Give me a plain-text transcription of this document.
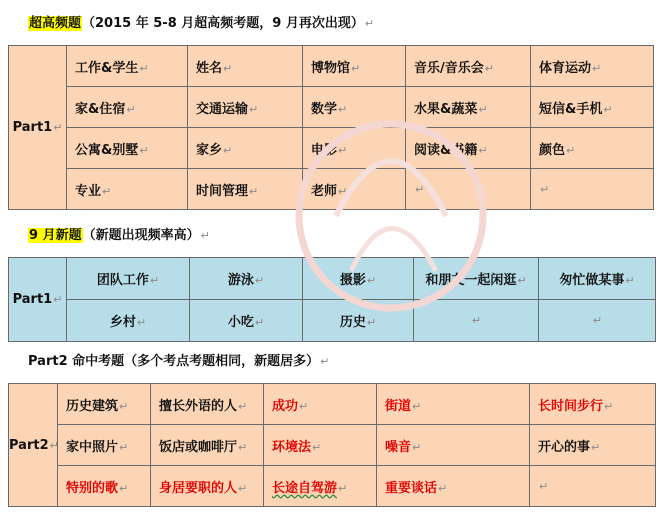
超高频题（2015 年 5-8 月超高频考题，9 月再次出现）↵
Part1↵	工作&学生↵	姓名↵	博物馆↵	音乐/音乐会↵	体育运动↵
	家&住宿↵	交通运输↵	数学↵	水果&蔬菜↵	短信&手机↵
	公寓&别墅↵	家乡↵	电影↵	阅读&书籍↵	颜色↵
	专业↵	时间管理↵	老师↵	↵	↵
9 月新题（新题出现频率高）↵
Part1↵	团队工作↵	游泳↵	摄影↵	和朋友一起闲逛↵	匆忙做某事↵
	乡村↵	小吃↵	历史↵	↵	↵
Part2 命中考题（多个考点考题相同，新题居多）↵
Part2↵	历史建筑↵	擅长外语的人↵	成功↵	街道↵	长时间步行↵
	家中照片↵	饭店或咖啡厅↵	环境法↵	噪音↵	开心的事↵
	特别的歌↵	身居要职的人↵	长途自驾游↵	重要谈话↵	↵
